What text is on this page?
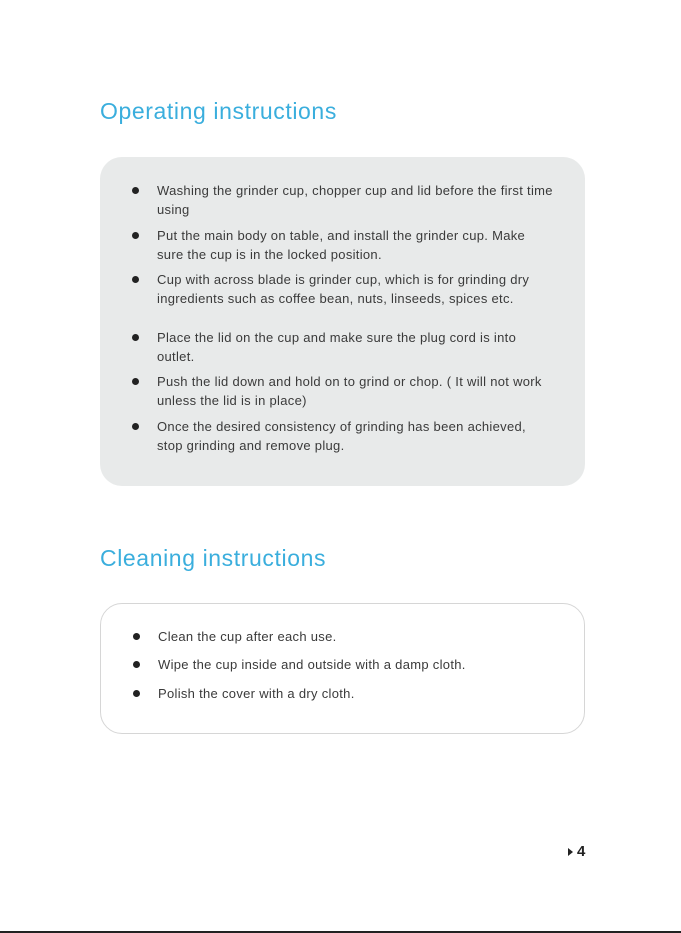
Operating instructions
Washing the grinder cup, chopper cup and lid before the first time using
Put the main body on table, and install the grinder cup. Make sure the cup is in the locked position.
Cup with across blade is grinder cup, which is for grinding dry ingredients such as coffee bean, nuts, linseeds, spices etc.
Place the lid on the cup and make sure the plug cord is into outlet.
Push the lid down and hold on to grind or chop. ( It will not work unless the lid is in place)
Once the desired consistency of grinding has been achieved, stop grinding and remove plug.
Cleaning instructions
Clean the cup after each use.
Wipe the cup inside and outside with a damp cloth.
Polish the cover with a dry cloth.
4
